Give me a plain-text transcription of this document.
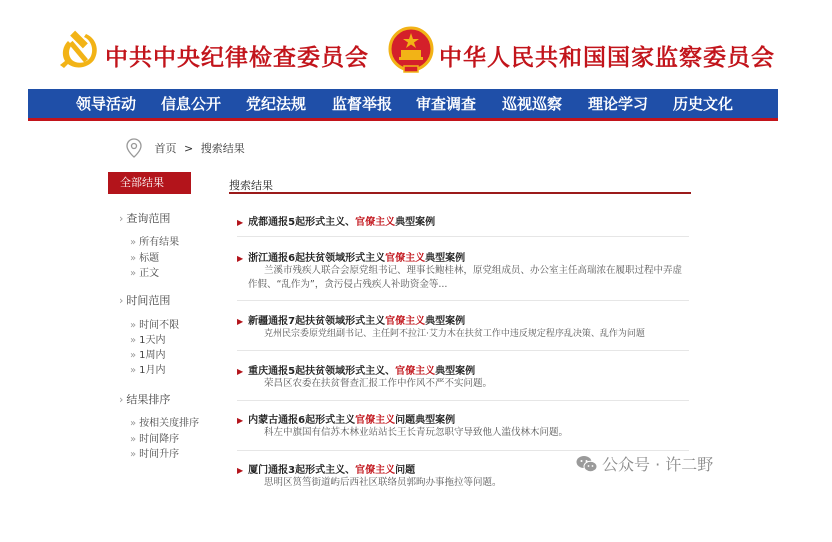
中共中央纪律检查委员会	中华人民共和国国家监察委员会
领导活动 信息公开 党纪法规 监督举报 审查调查 巡视巡察 理论学习 历史文化
首页 > 搜索结果
全部结果
› 查询范围
» 所有结果
» 标题
» 正文
› 时间范围
» 时间不限
» 1天内
» 1周内
» 1月内
› 结果排序
» 按相关度排序
» 时间降序
» 时间升序
搜索结果
▶ 成都通报5起形式主义、官僚主义典型案例
▶ 浙江通报6起扶贫领域形式主义官僚主义典型案例
兰溪市残疾人联合会原党组书记、理事长鲍桂林，原党组成员、办公室主任高瑞浓在履职过程中弄虚作假、“乱作为”，贪污侵占残疾人补助资金等...
▶ 新疆通报7起扶贫领域形式主义官僚主义典型案例
克州民宗委原党组副书记、主任阿不拉江·艾力木在扶贫工作中违反规定程序乱决策、乱作为问题
▶ 重庆通报5起扶贫领域形式主义、官僚主义典型案例
荣昌区农委在扶贫督查汇报工作中作风不严不实问题。
▶ 内蒙古通报6起形式主义官僚主义问题典型案例
科左中旗国有信苏木林业站站长王长青玩忽职守导致他人滥伐林木问题。
▶ 厦门通报3起形式主义、官僚主义问题
思明区筼筜街道屿后西社区联络员郭昫办事拖拉等问题。
公众号 · 许二野
